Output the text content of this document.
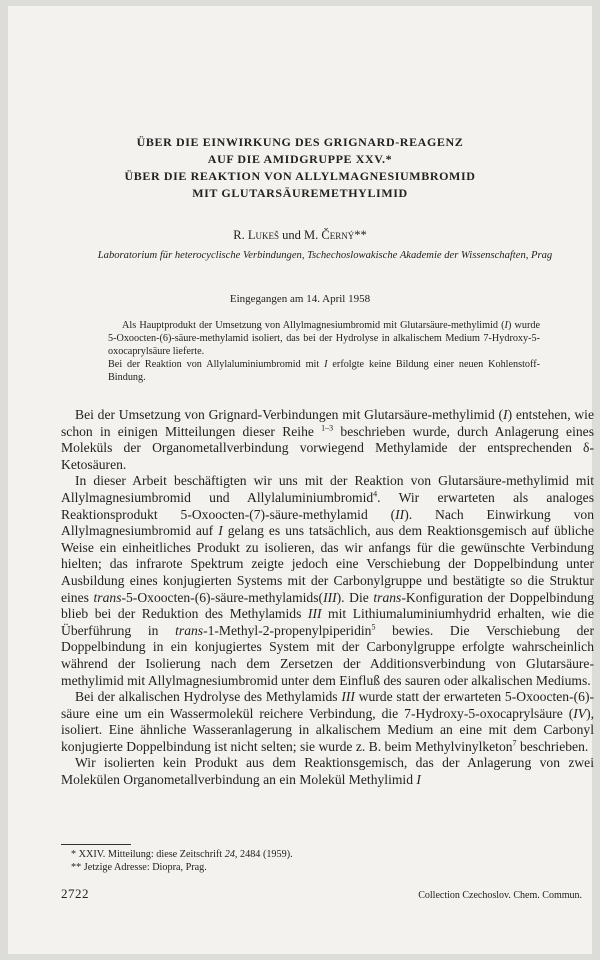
ÜBER DIE EINWIRKUNG DES GRIGNARD-REAGENZ
AUF DIE AMIDGRUPPE XXV.*
ÜBER DIE REAKTION VON ALLYLMAGNESIUMBROMID
MIT GLUTARSÄUREMETHYLIMID
R. Lukeš und M. Černý**
Laboratorium für heterocyclische Verbindungen, Tschechoslowakische Akademie der Wissenschaften, Prag
Eingegangen am 14. April 1958

Als Hauptprodukt der Umsetzung von Allylmagnesiumbromid mit Glutarsäure-methylimid (I) wurde 5-Oxoocten-(6)-säure-methylamid isoliert, das bei der Hydrolyse in alkalischem Medium 7-Hydroxy-5-oxocaprylsäure lieferte.

Bei der Reaktion von Allylaluminiumbromid mit I erfolgte keine Bildung einer neuen Kohlenstoff-Bindung.

Bei der Umsetzung von Grignard-Verbindungen mit Glutarsäure-methylimid (I) entstehen, wie schon in einigen Mitteilungen dieser Reihe $^{1-3}$ beschrieben wurde, durch Anlagerung eines Moleküls der Organometallverbindung vorwiegend Methylamide der entsprechenden δ-Ketosäuren.

In dieser Arbeit beschäftigten wir uns mit der Reaktion von Glutarsäure-methylimid mit Allylmagnesiumbromid und Allylaluminiumbromid$^4$. Wir erwarteten als analoges Reaktionsprodukt 5-Oxoocten-(7)-säure-methylamid (II). Nach Einwirkung von Allylmagnesiumbromid auf I gelang es uns tatsächlich, aus dem Reaktionsgemisch auf übliche Weise ein einheitliches Produkt zu isolieren, das wir anfangs für die gewünschte Verbindung hielten; das infrarote Spektrum zeigte jedoch eine Verschiebung der Doppelbindung unter Ausbildung eines konjugierten Systems mit der Carbonylgruppe und bestätigte so die Struktur eines trans-5-Oxoocten-(6)-säure-methylamids(III). Die trans-Konfiguration der Doppelbindung blieb bei der Reduktion des Methylamids III mit Lithiumaluminiumhydrid erhalten, wie die Überführung in trans-1-Methyl-2-propenylpiperidin$^5$ bewies. Die Verschiebung der Doppelbindung in ein konjugiertes System mit der Carbonylgruppe erfolgte wahrscheinlich während der Isolierung nach dem Zersetzen der Additionsverbindung von Glutarsäure-methylimid mit Allylmagnesiumbromid unter dem Einfluß des sauren oder alkalischen Mediums.

Bei der alkalischen Hydrolyse des Methylamids III wurde statt der erwarteten 5-Oxoocten-(6)-säure eine um ein Wassermolekül reichere Verbindung, die 7-Hydroxy-5-oxocaprylsäure (IV), isoliert. Eine ähnliche Wasseranlagerung in alkalischem Medium an eine mit dem Carbonyl konjugierte Doppelbindung ist nicht selten; sie wurde z. B. beim Methylvinylketon$^7$ beschrieben.

Wir isolierten kein Produkt aus dem Reaktionsgemisch, das der Anlagerung von zwei Molekülen Organometallverbindung an ein Molekül Methylimid I

* XXIV. Mitteilung: diese Zeitschrift 24, 2484 (1959).
** Jetzige Adresse: Diopra, Prag.
2722	Collection Czechoslov. Chem. Commun.
